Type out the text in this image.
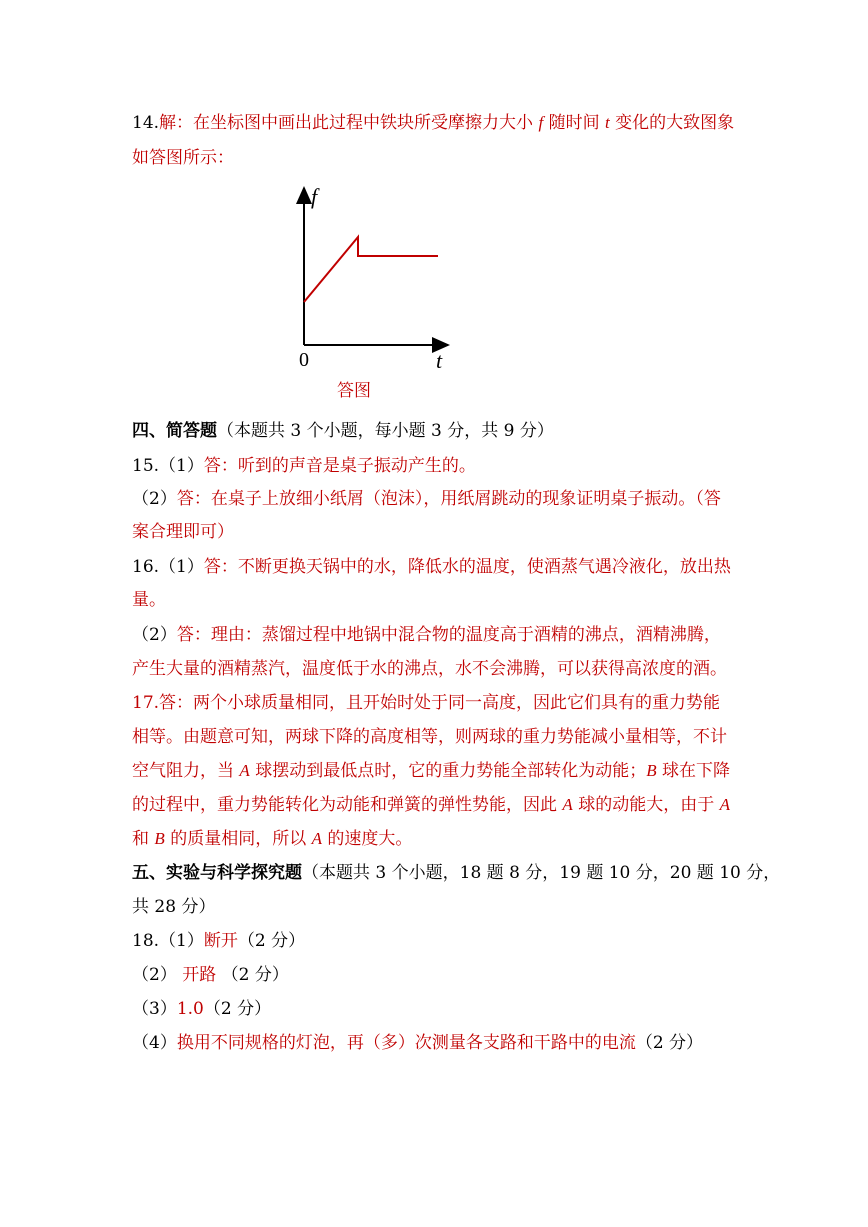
14.解：在坐标图中画出此过程中铁块所受摩擦力大小 f 随时间 t 变化的大致图象
如答图所示：
f
t
0
答图
四、简答题（本题共 3 个小题，每小题 3 分，共 9 分）
15.（1）答：听到的声音是桌子振动产生的。
（2）答：在桌子上放细小纸屑（泡沫），用纸屑跳动的现象证明桌子振动。（答
案合理即可）
16.（1）答：不断更换天锅中的水，降低水的温度，使酒蒸气遇冷液化，放出热
量。
（2）答：理由：蒸馏过程中地锅中混合物的温度高于酒精的沸点，酒精沸腾，
产生大量的酒精蒸汽，温度低于水的沸点，水不会沸腾，可以获得高浓度的酒。
17.答：两个小球质量相同，且开始时处于同一高度，因此它们具有的重力势能
相等。由题意可知，两球下降的高度相等，则两球的重力势能减小量相等，不计
空气阻力，当 A 球摆动到最低点时，它的重力势能全部转化为动能；B 球在下降
的过程中，重力势能转化为动能和弹簧的弹性势能，因此 A 球的动能大，由于 A
和 B 的质量相同，所以 A 的速度大。
五、实验与科学探究题（本题共 3 个小题，18 题 8 分，19 题 10 分，20 题 10 分，
共 28 分）
18.（1）断开（2 分）
（2） 开路 （2 分）
（3）1.0（2 分）
（4）换用不同规格的灯泡，再（多）次测量各支路和干路中的电流（2 分）
